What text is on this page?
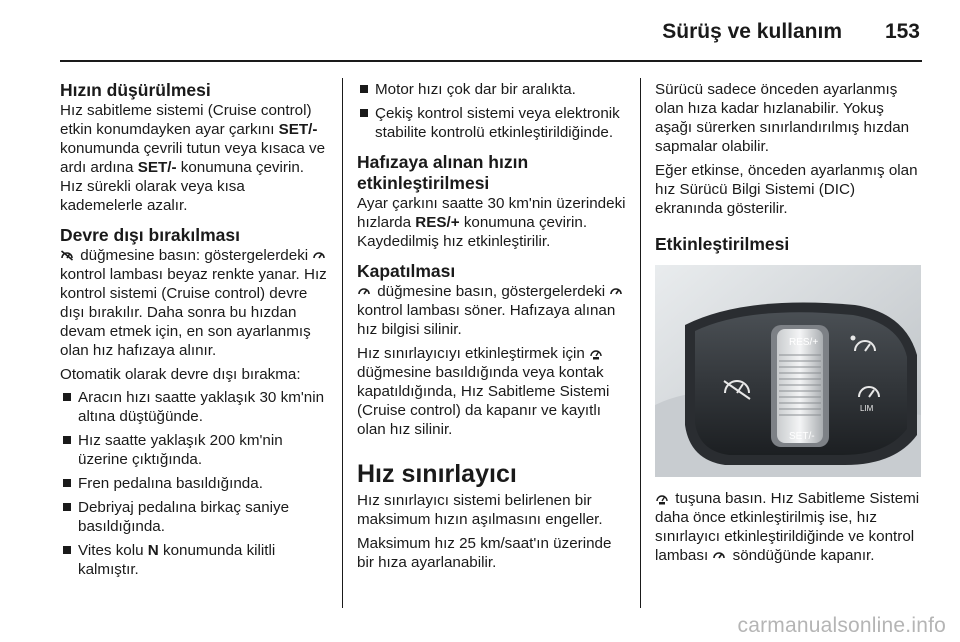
Sürüş ve kullanım 153
Hızın düşürülmesi

Hız sabitleme sistemi (Cruise control) etkin konumdayken ayar çarkını SET/- konumunda çevrili tutun veya kısaca ve ardı ardına SET/- konumuna çevirin. Hız sürekli olarak veya kısa kademelerle azalır.

Devre dışı bırakılması

düğmesine basın: göstergelerdeki  kontrol lambası beyaz renkte yanar. Hız kontrol sistemi (Cruise control) devre dışı bırakılır. Daha sonra bu hızdan devam etmek için, en son ayarlanmış olan hız hafızaya alınır.

Otomatik olarak devre dışı bırakma:

Aracın hızı saatte yaklaşık 30 km'nin altına düştüğünde.
Hız saatte yaklaşık 200 km'nin üzerine çıktığında.
Fren pedalına basıldığında.
Debriyaj pedalına birkaç saniye basıldığında.
Vites kolu N konumunda kilitli kalmıştır.
Motor hızı çok dar bir aralıkta.
Çekiş kontrol sistemi veya elektronik stabilite kontrolü etkinleştirildiğinde.
Hafızaya alınan hızın etkinleştirilmesi

Ayar çarkını saatte 30 km'nin üzerindeki hızlarda RES/+ konumuna çevirin. Kaydedilmiş hız etkinleştirilir.

Kapatılması

düğmesine basın, göstergelerdeki  kontrol lambası söner. Hafızaya alınan hız bilgisi silinir.

Hız sınırlayıcıyı etkinleştirmek için  düğmesine basıldığında veya kontak kapatıldığında, Hız Sabitleme Sistemi (Cruise control) da kapanır ve kayıtlı olan hız silinir.

Hız sınırlayıcı

Hız sınırlayıcı sistemi belirlenen bir maksimum hızın aşılmasını engeller.

Maksimum hız 25 km/saat'ın üzerinde bir hıza ayarlanabilir.

Sürücü sadece önceden ayarlanmış olan hıza kadar hızlanabilir. Yokuş aşağı sürerken sınırlandırılmış hızdan sapmalar olabilir.

Eğer etkinse, önceden ayarlanmış olan hız Sürücü Bilgi Sistemi (DIC) ekranında gösterilir.

Etkinleştirilmesi
RES/+
SET/-
LIM

tuşuna basın. Hız Sabitleme Sistemi daha önce etkinleştirilmiş ise, hız sınırlayıcı etkinleştirildiğinde ve kontrol lambası  söndüğünde kapanır.

carmanualsonline.info
